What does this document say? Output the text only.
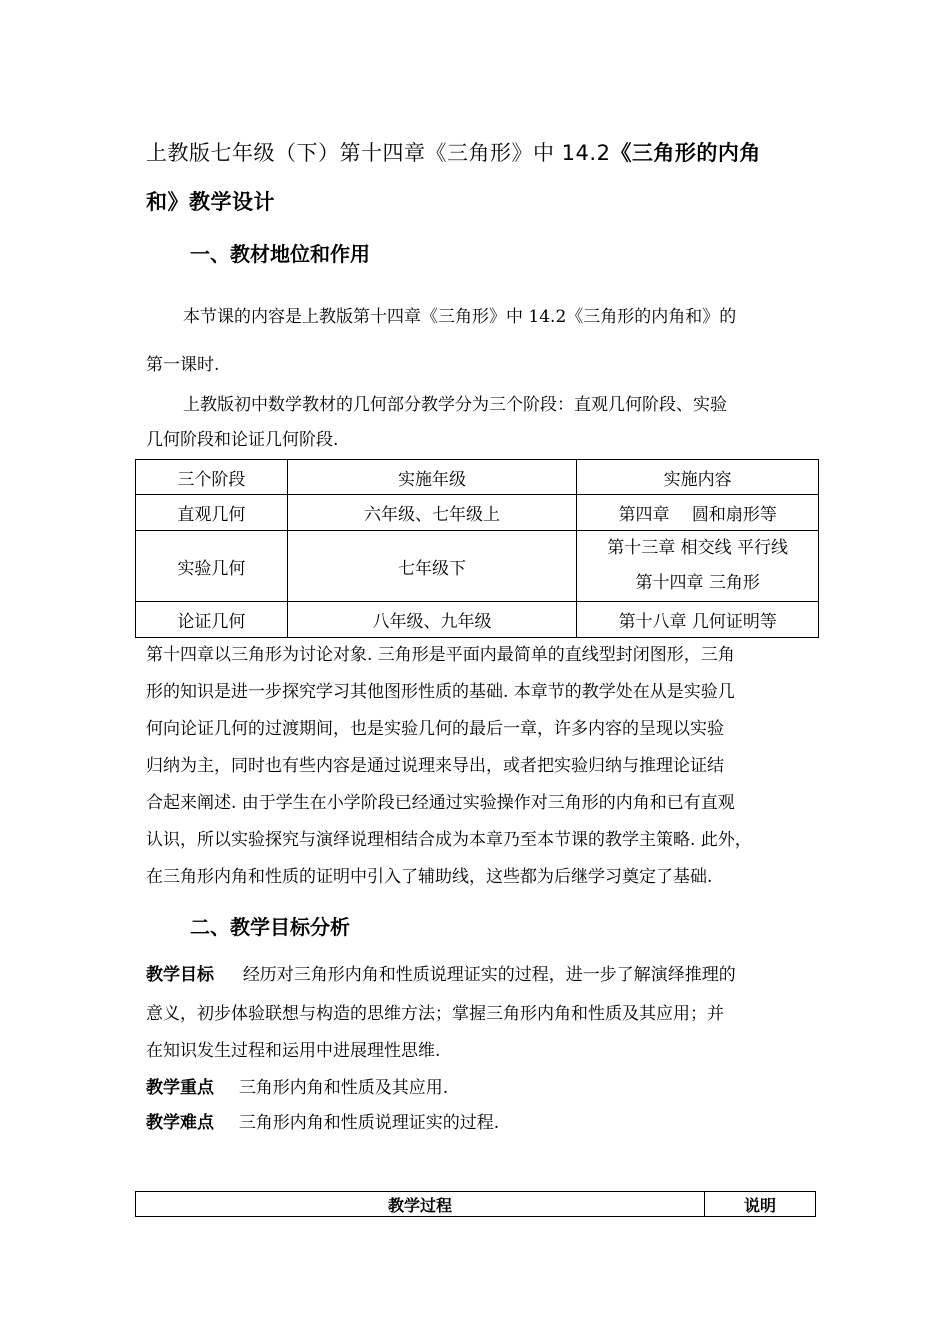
上教版七年级（下）第十四章《三角形》中 14.2《三角形的内角
和》教学设计
一、教材地位和作用
本节课的内容是上教版第十四章《三角形》中 14.2《三角形的内角和》的
第一课时.
上教版初中数学教材的几何部分教学分为三个阶段：直观几何阶段、实验
几何阶段和论证几何阶段.
三个阶段	实施年级	实施内容
直观几何	六年级、七年级上	第四章　 圆和扇形等
实验几何	七年级下	第十三章 相交线 平行线
第十四章 三角形

论证几何	八年级、九年级	第十八章 几何证明等
第十四章以三角形为讨论对象. 三角形是平面内最简单的直线型封闭图形，三角
形的知识是进一步探究学习其他图形性质的基础. 本章节的教学处在从是实验几
何向论证几何的过渡期间，也是实验几何的最后一章，许多内容的呈现以实验
归纳为主，同时也有些内容是通过说理来导出，或者把实验归纳与推理论证结
合起来阐述. 由于学生在小学阶段已经通过实验操作对三角形的内角和已有直观
认识，所以实验探究与演绎说理相结合成为本章乃至本节课的教学主策略. 此外，
在三角形内角和性质的证明中引入了辅助线，这些都为后继学习奠定了基础.
二、教学目标分析
教学目标 经历对三角形内角和性质说理证实的过程，进一步了解演绎推理的
意义，初步体验联想与构造的思维方法；掌握三角形内角和性质及其应用；并
在知识发生过程和运用中进展理性思维.
教学重点 三角形内角和性质及其应用.
教学难点 三角形内角和性质说理证实的过程.
教学过程	说明
